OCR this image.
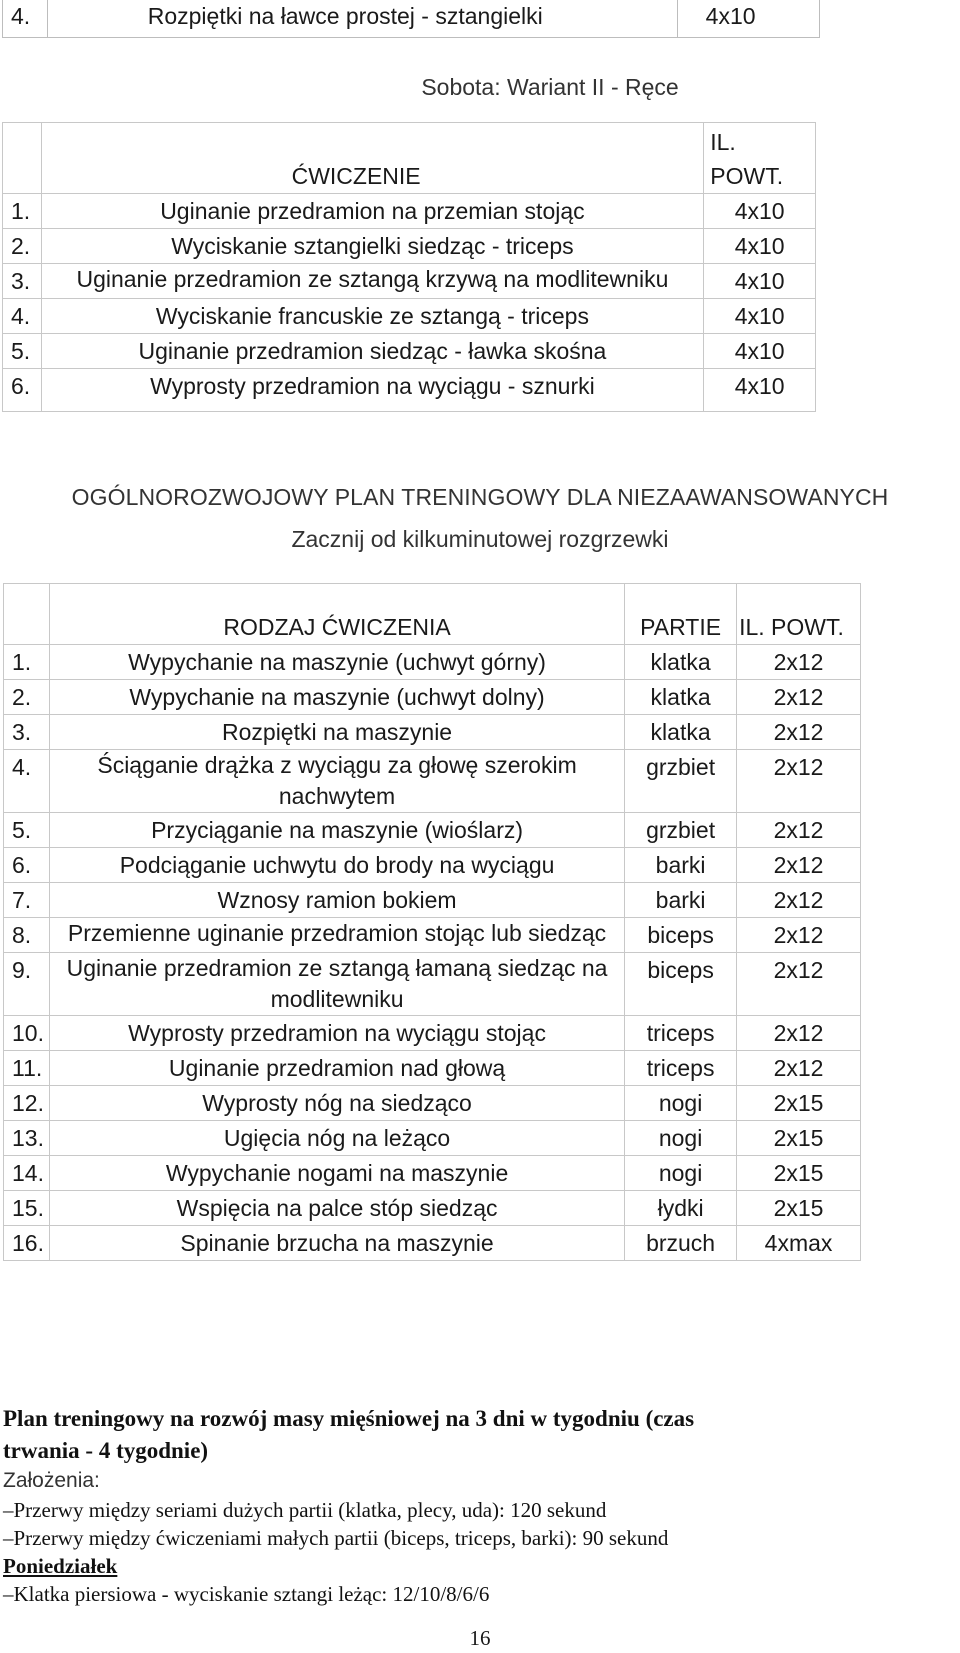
4.	Rozpiętki na ławce prostej - sztangielki	4x10
Sobota: Wariant II - Ręce
	ĆWICZENIE	IL. POWT.
1.	Uginanie przedramion na przemian stojąc	4x10
2.	Wyciskanie sztangielki siedząc - triceps	4x10
3.	Uginanie przedramion ze sztangą krzywą na modlitewniku	4x10
4.	Wyciskanie francuskie ze sztangą - triceps	4x10
5.	Uginanie przedramion siedząc - ławka skośna	4x10
6.	Wyprosty przedramion na wyciągu - sznurki	4x10
OGÓLNOROZWOJOWY PLAN TRENINGOWY DLA NIEZAAWANSOWANYCH
Zacznij od kilkuminutowej rozgrzewki
	RODZAJ ĆWICZENIA	PARTIE	IL. POWT.
1.	Wypychanie na maszynie (uchwyt górny)	klatka	2x12
2.	Wypychanie na maszynie (uchwyt dolny)	klatka	2x12
3.	Rozpiętki na maszynie	klatka	2x12
4.	Ściąganie drążka z wyciągu za głowę szerokim nachwytem	grzbiet	2x12
5.	Przyciąganie na maszynie (wioślarz)	grzbiet	2x12
6.	Podciąganie uchwytu do brody na wyciągu	barki	2x12
7.	Wznosy ramion bokiem	barki	2x12
8.	Przemienne uginanie przedramion stojąc lub siedząc	biceps	2x12
9.	Uginanie przedramion ze sztangą łamaną siedząc na modlitewniku	biceps	2x12
10.	Wyprosty przedramion na wyciągu stojąc	triceps	2x12
11.	Uginanie przedramion nad głową	triceps	2x12
12.	Wyprosty nóg na siedząco	nogi	2x15
13.	Ugięcia nóg na leżąco	nogi	2x15
14.	Wypychanie nogami na maszynie	nogi	2x15
15.	Wspięcia na palce stóp siedząc	łydki	2x15
16.	Spinanie brzucha na maszynie	brzuch	4xmax
Plan treningowy na rozwój masy mięśniowej na 3 dni w tygodniu (czas
trwania - 4 tygodnie)
Założenia:
–Przerwy między seriami dużych partii (klatka, plecy, uda): 120 sekund
–Przerwy między ćwiczeniami małych partii (biceps, triceps, barki): 90 sekund
Poniedziałek
–Klatka piersiowa - wyciskanie sztangi leżąc: 12/10/8/6/6
16
